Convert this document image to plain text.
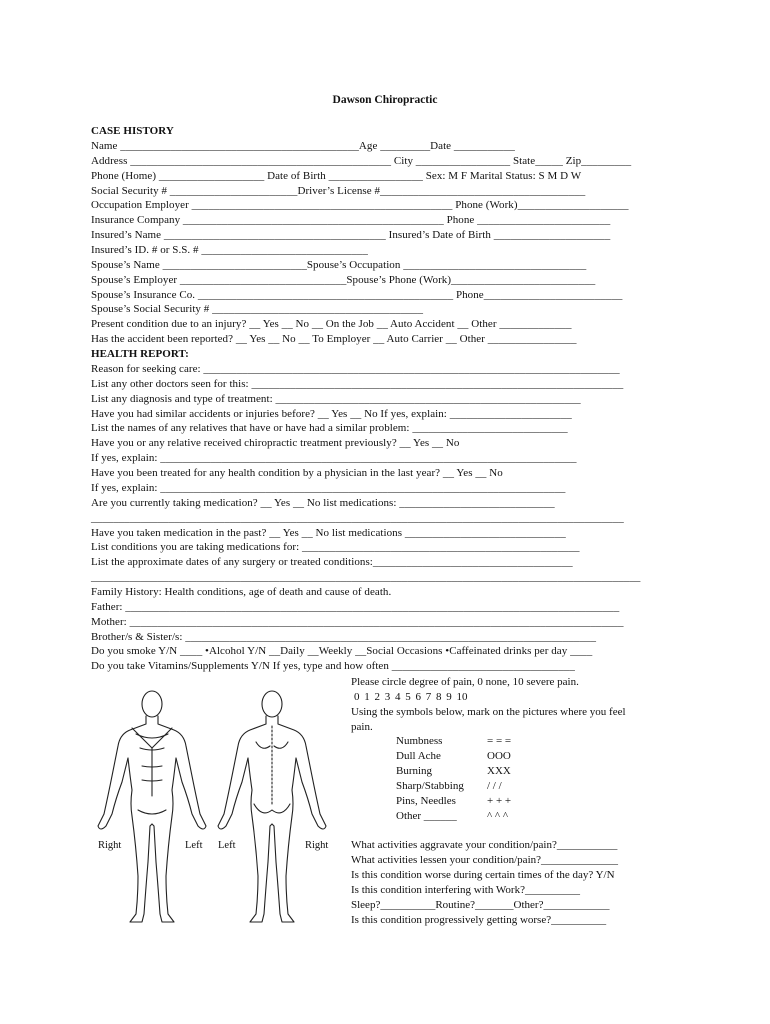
Dawson Chiropractic
CASE HISTORY
Name ___________________________________________Age _________Date ___________
Address _______________________________________________ City _________________ State_____ Zip_________
Phone (Home) ___________________ Date of Birth _________________ Sex: M F Marital Status: S M D W
Social Security # _______________________Driver’s License #_____________________________________
Occupation Employer _______________________________________________ Phone (Work)____________________
Insurance Company _______________________________________________ Phone ________________________
Insured’s Name ________________________________________ Insured’s Date of Birth _____________________
Insured’s ID. # or S.S. # ______________________________
Spouse’s Name __________________________Spouse’s Occupation _________________________________
Spouse’s Employer ______________________________Spouse’s Phone (Work)__________________________
Spouse’s Insurance Co. ______________________________________________ Phone_________________________
Spouse’s Social Security # ______________________________________
Present condition due to an injury? __ Yes __ No __ On the Job __ Auto Accident __ Other _____________
Has the accident been reported? __ Yes __ No __ To Employer __ Auto Carrier __ Other ________________
HEALTH REPORT:
Reason for seeking care: ___________________________________________________________________________
List any other doctors seen for this: ___________________________________________________________________
List any diagnosis and type of treatment: _______________________________________________________
Have you had similar accidents or injuries before? __ Yes __ No If yes, explain: ______________________
List the names of any relatives that have or have had a similar problem: ____________________________
Have you or any relative received chiropractic treatment previously? __ Yes __ No
If yes, explain: ___________________________________________________________________________
Have you been treated for any health condition by a physician in the last year? __ Yes __ No
If yes, explain: _________________________________________________________________________
Are you currently taking medication? __ Yes __ No list medications: ____________________________
________________________________________________________________________________________________
Have you taken medication in the past? __ Yes __ No list medications _____________________________
List conditions you are taking medications for: __________________________________________________
List the approximate dates of any surgery or treated conditions:____________________________________
___________________________________________________________________________________________________
Family History: Health conditions, age of death and cause of death.
Father: _________________________________________________________________________________________
Mother: _________________________________________________________________________________________
Brother/s & Sister/s: __________________________________________________________________________
Do you smoke Y/N ____ •Alcohol Y/N __Daily __Weekly __Social Occasions •Caffeinated drinks per day ____
Do you take Vitamins/Supplements Y/N If yes, type and how often _________________________________
Please circle degree of pain, 0 none, 10 severe pain.
0 1 2 3 4 5 6 7 8 9 10
Using the symbols below, mark on the pictures where you feel
pain.
Numbness	= = =
Dull Ache	OOO
Burning	XXX
Sharp/Stabbing / / /
Pins, Needles	+ + +
Other ______	^ ^ ^
What activities aggravate your condition/pain?___________
What activities lessen your condition/pain?______________
Is this condition worse during certain times of the day? Y/N
Is this condition interfering with Work?__________
Sleep?__________Routine?_______Other?____________
Is this condition progressively getting worse?__________
Right	Left Left	Right
